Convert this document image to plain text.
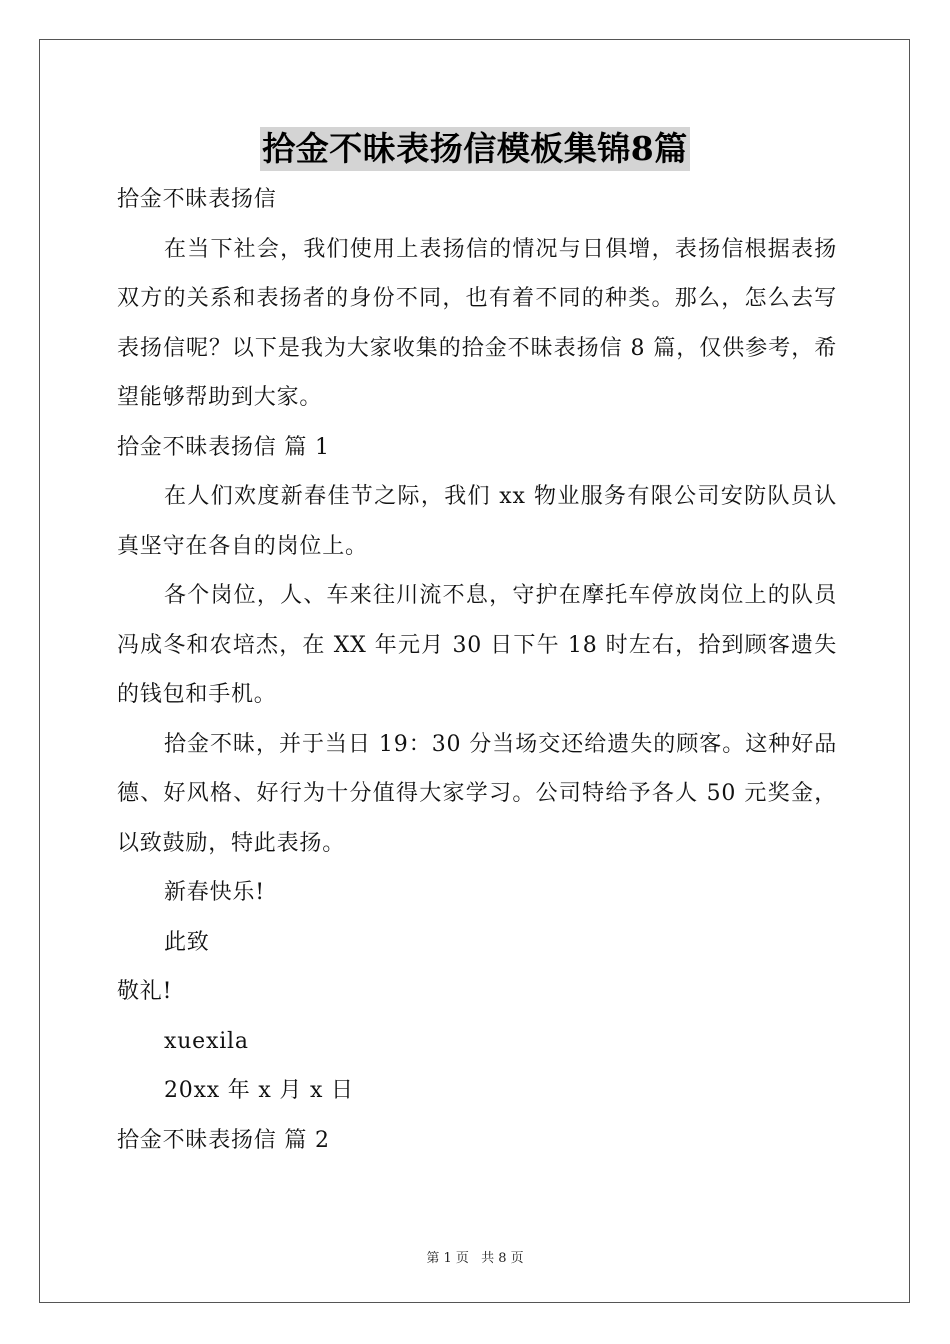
拾金不昧表扬信模板集锦8篇

拾金不昧表扬信

在当下社会，我们使用上表扬信的情况与日俱增，表扬信根据表扬双方的关系和表扬者的身份不同，也有着不同的种类。那么，怎么去写表扬信呢？以下是我为大家收集的拾金不昧表扬信 8 篇，仅供参考，希望能够帮助到大家。

拾金不昧表扬信 篇 1

在人们欢度新春佳节之际，我们 xx 物业服务有限公司安防队员认真坚守在各自的岗位上。

各个岗位，人、车来往川流不息，守护在摩托车停放岗位上的队员冯成冬和农培杰，在 XX 年元月 30 日下午 18 时左右，拾到顾客遗失的钱包和手机。

拾金不昧，并于当日 19：30 分当场交还给遗失的顾客。这种好品德、好风格、好行为十分值得大家学习。公司特给予各人 50 元奖金，以致鼓励，特此表扬。

新春快乐!

此致

敬礼!

xuexila

20xx 年 x 月 x 日

拾金不昧表扬信 篇 2

第 1 页 共 8 页
